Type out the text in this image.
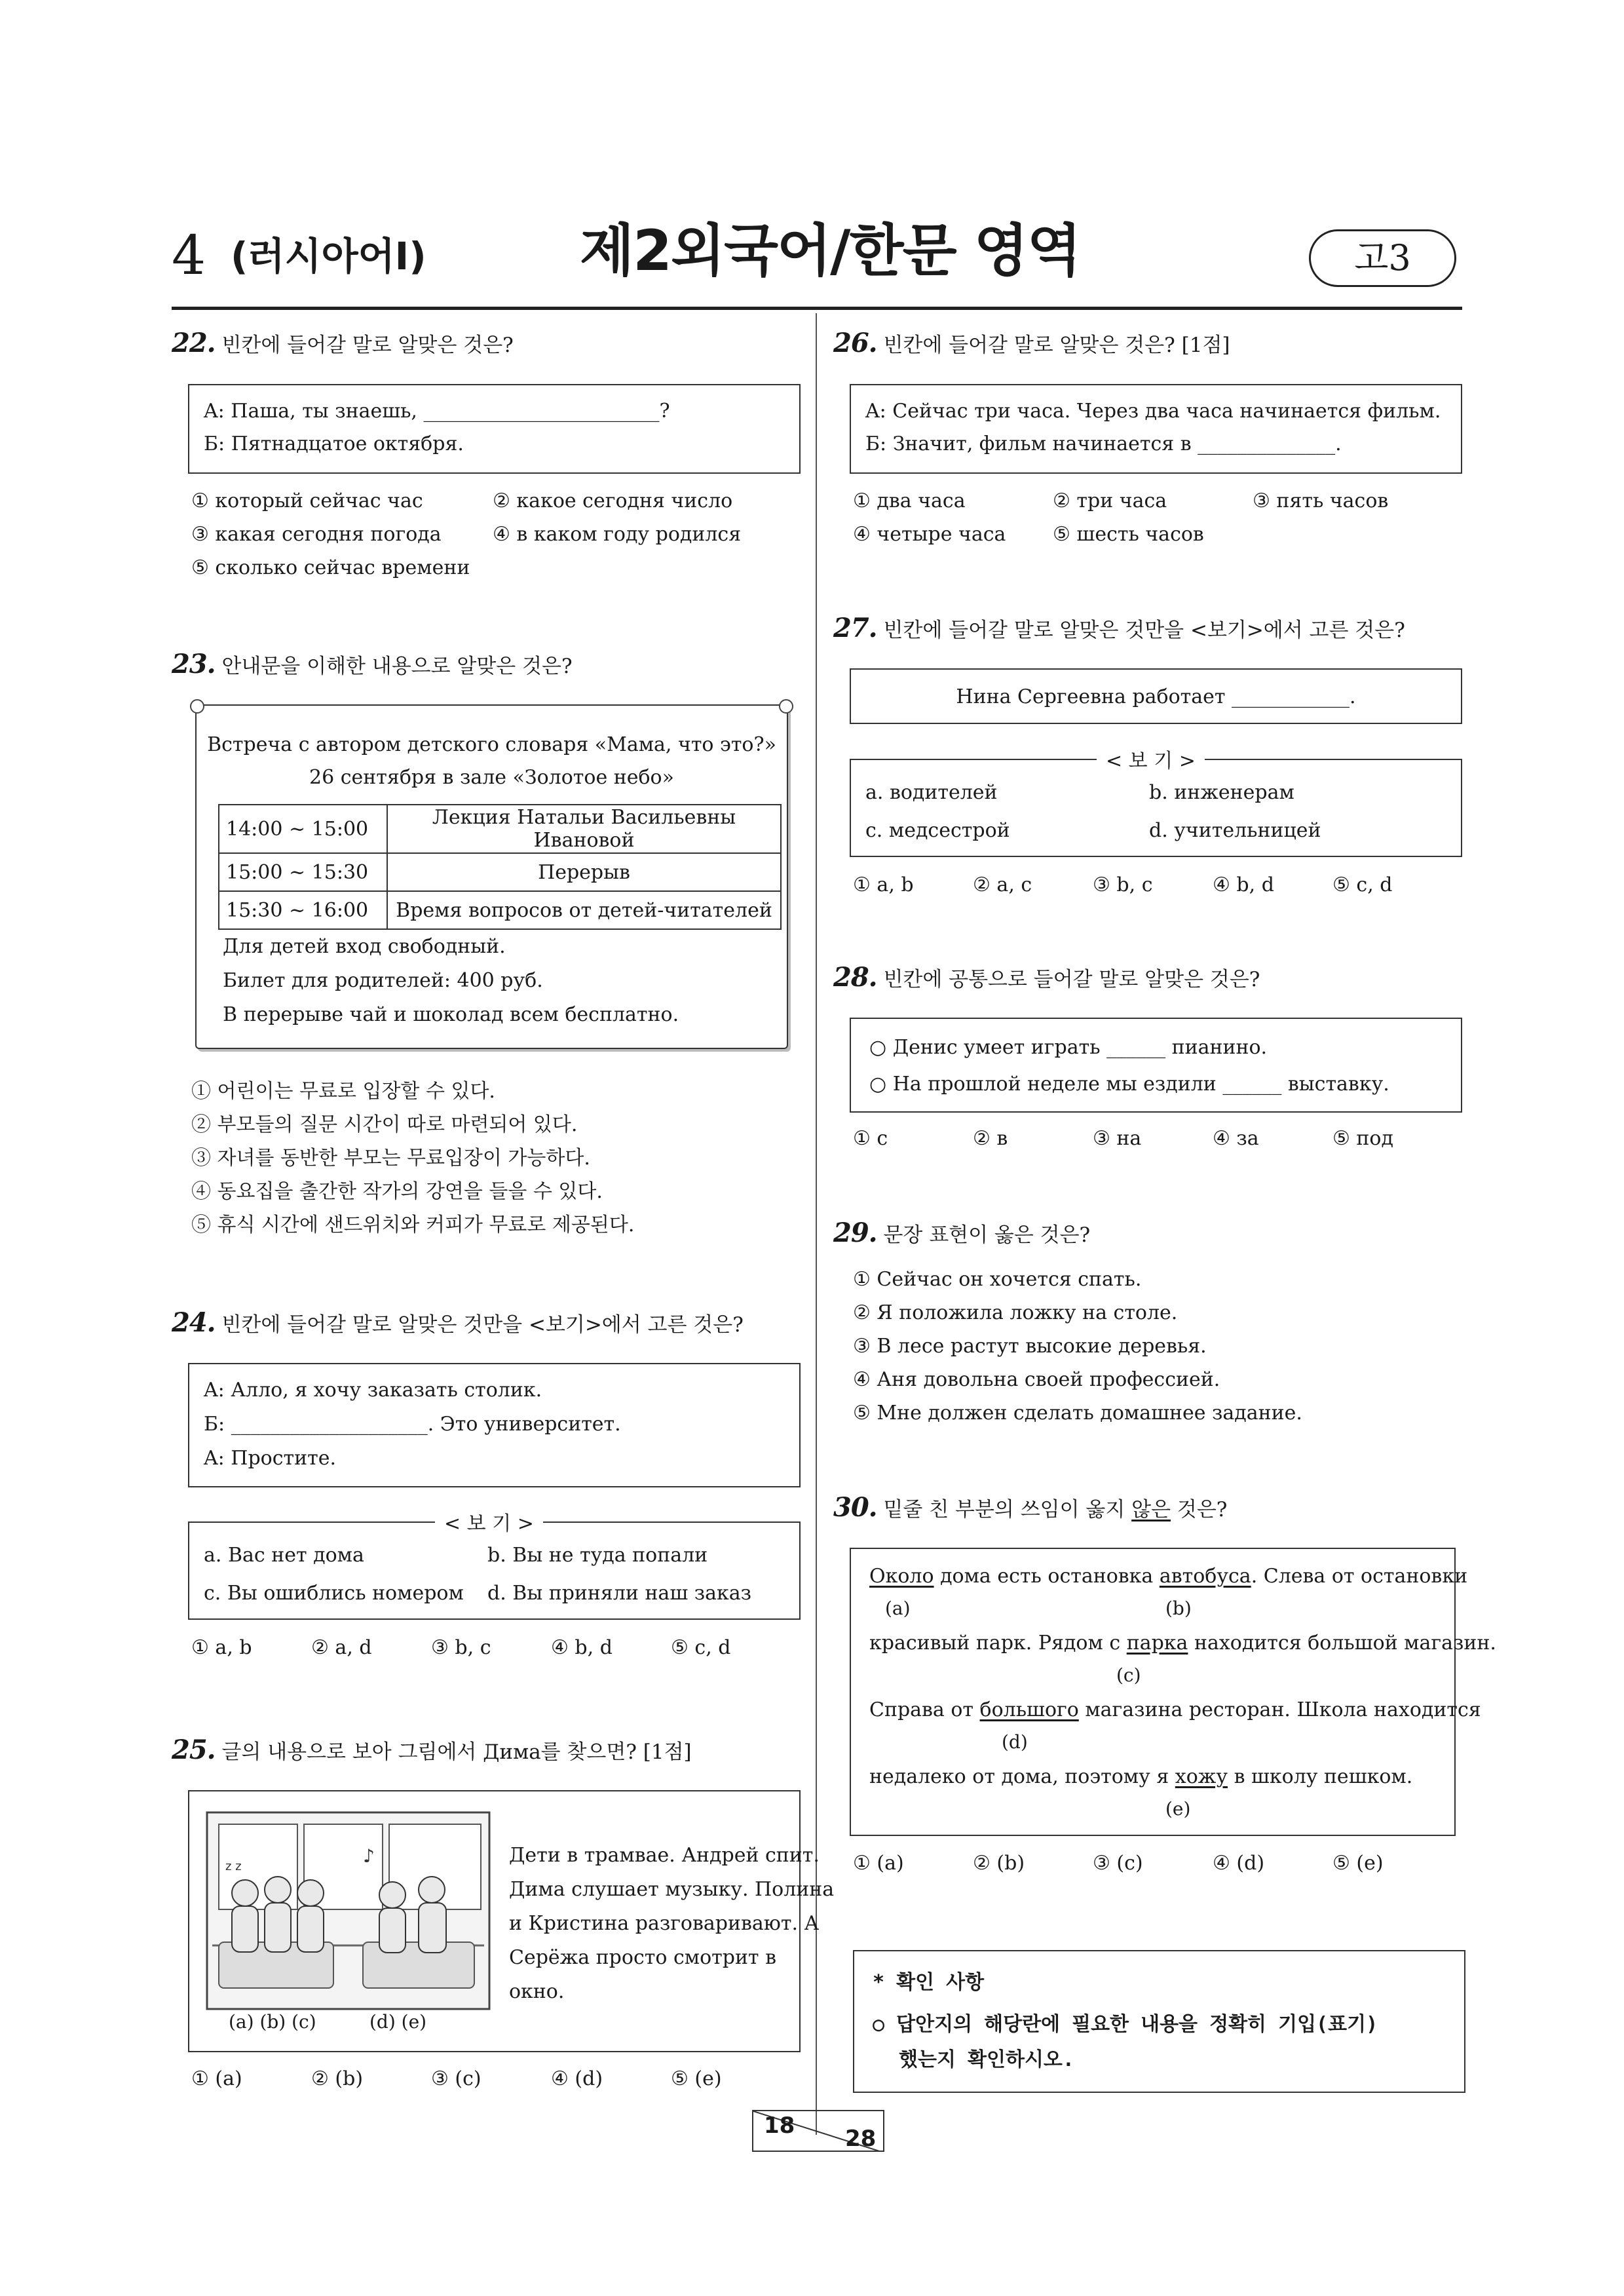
4 (러시아어Ⅰ)	제2외국어/한문 영역	고3
22. 빈칸에 들어갈 말로 알맞은 것은?
A: Паша, ты знаешь, ________________________?
Б: Пятнадцатое октября.
① который сейчас час	② какое сегодня число
③ какая сегодня погода	④ в каком году родился
⑤ сколько сейчас времени
23. 안내문을 이해한 내용으로 알맞은 것은?
Встреча с автором детского словаря «Мама, что это?»
26 сентября в зале «Золотое небо»
14:00 ~ 15:00	Лекция Натальи Васильевны Ивановой
15:00 ~ 15:30	Перерыв
15:30 ~ 16:00	Время вопросов от детей-читателей
Для детей вход свободный.
Билет для родителей: 400 руб.
В перерыве чай и шоколад всем бесплатно.
① 어린이는 무료로 입장할 수 있다.
② 부모들의 질문 시간이 따로 마련되어 있다.
③ 자녀를 동반한 부모는 무료입장이 가능하다.
④ 동요집을 출간한 작가의 강연을 들을 수 있다.
⑤ 휴식 시간에 샌드위치와 커피가 무료로 제공된다.
24. 빈칸에 들어갈 말로 알맞은 것만을 <보기>에서 고른 것은?
A: Алло, я хочу заказать столик.
Б: ____________________. Это университет.
A: Простите.
< 보 기 >
a. Вас нет дома	b. Вы не туда попали
c. Вы ошиблись номером d. Вы приняли наш заказ
① a, b	② a, d	③ b, c	④ b, d	⑤ c, d
25. 글의 내용으로 보아 그림에서 Дима를 찾으면? [1점]
♪
z z
(a) (b) (c)	(d) (e)
Дети в трамвае. Андрей спит.
Дима слушает музыку. Полина
и Кристина разговаривают. А
Серёжа просто смотрит в
окно.
① (a)	② (b)	③ (c)	④ (d)	⑤ (e)
26. 빈칸에 들어갈 말로 알맞은 것은? [1점]
A: Сейчас три часа. Через два часа начинается фильм.
Б: Значит, фильм начинается в ______________.
① два часа	② три часа	③ пять часов
④ четыре часа ⑤ шесть часов
27. 빈칸에 들어갈 말로 알맞은 것만을 <보기>에서 고른 것은?
Нина Сергеевна работает ____________.
< 보 기 >
a. водителей	b. инженерам
c. медсестрой	d. учительницей
① a, b	② a, c	③ b, c	④ b, d	⑤ c, d
28. 빈칸에 공통으로 들어갈 말로 알맞은 것은?
○ Денис умеет играть ______ пианино.
○ На прошлой неделе мы ездили ______ выставку.
① с	② в	③ на	④ за	⑤ под
29. 문장 표현이 옳은 것은?
① Сейчас он хочется спать.
② Я положила ложку на столе.
③ В лесе растут высокие деревья.
④ Аня довольна своей профессией.
⑤ Мне должен сделать домашнее задание.
30. 밑줄 친 부분의 쓰임이 옳지 않은 것은?
Около дома есть остановка автобуса. Слева от остановки
(a)	(b)
красивый парк. Рядом с парка находится большой магазин.
(c)
Справа от большого магазина ресторан. Школа находится
(d)
недалеко от дома, поэтому я хожу в школу пешком.
(e)
① (a)	② (b)	③ (c)	④ (d)	⑤ (e)
* 확인 사항
○ 답안지의 해당란에 필요한 내용을 정확히 기입(표기)
했는지 확인하시오.
18 28
